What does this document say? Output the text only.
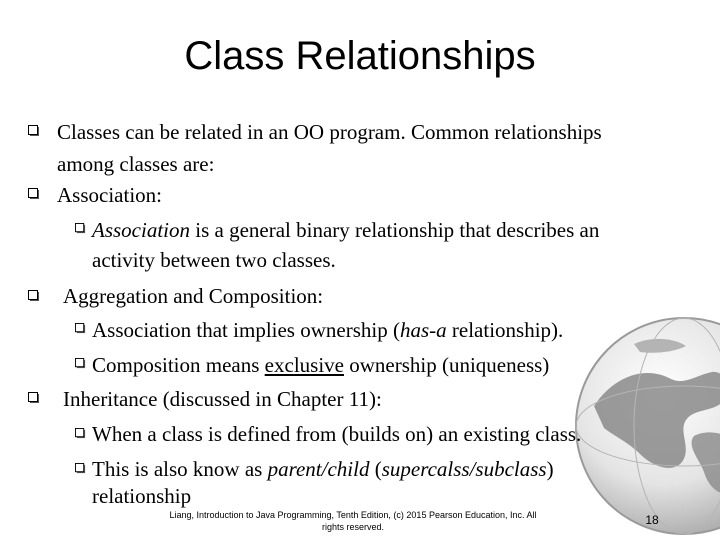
Class Relationships
Classes can be related in an OO program. Common relationships
among classes are:
Association:
Association is a general binary relationship that describes an
activity between two classes.
Aggregation and Composition:
Association that implies ownership (has-a relationship).
Composition means exclusive ownership (uniqueness)
Inheritance (discussed in Chapter 11):
When a class is defined from (builds on) an existing class.
This is also know as parent/child (supercalss/subclass)
relationship
Liang, Introduction to Java Programming, Tenth Edition, (c) 2015 Pearson Education, Inc. All
rights reserved.	18
